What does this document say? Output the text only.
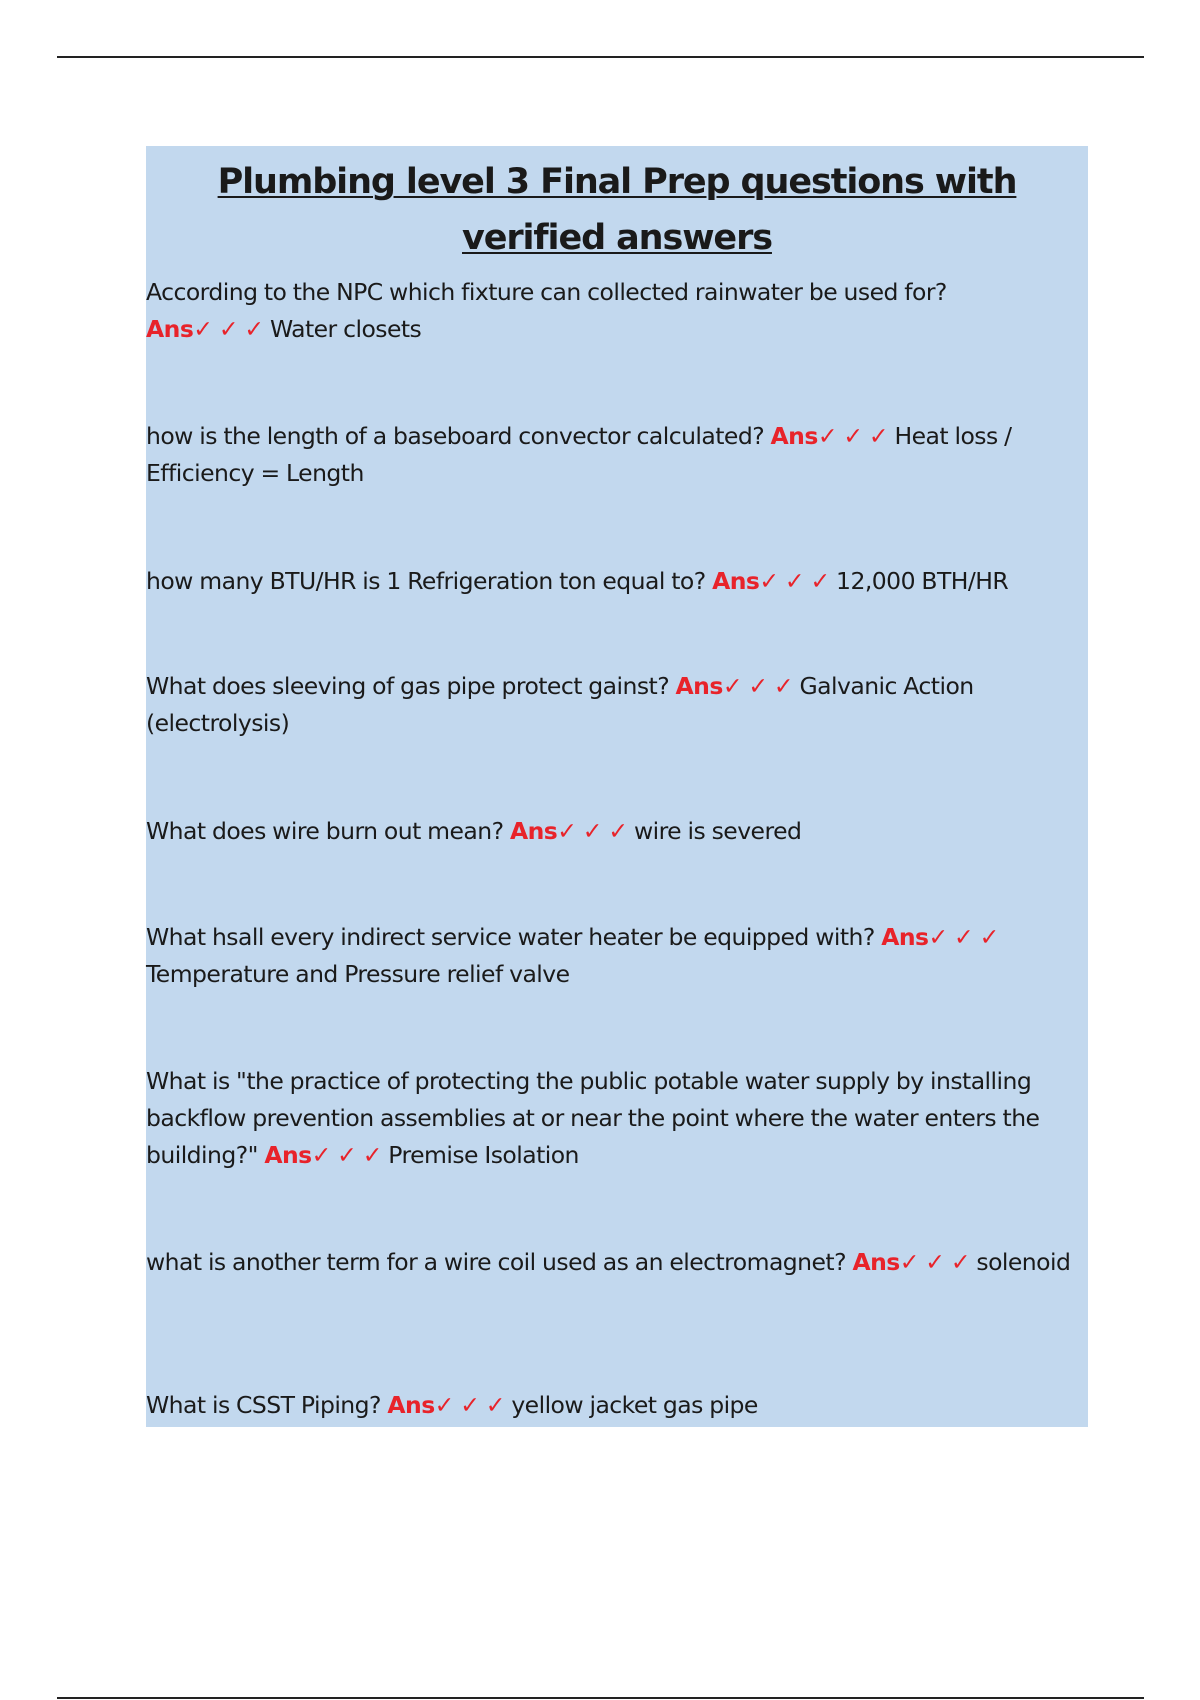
Plumbing level 3 Final Prep questions with verified answers

According to the NPC which fixture can collected rainwater be used for?
Ans✓ ✓ ✓ Water closets

how is the length of a baseboard convector calculated? Ans✓ ✓ ✓ Heat loss / Efficiency = Length

how many BTU/HR is 1 Refrigeration ton equal to? Ans✓ ✓ ✓ 12,000 BTH/HR

What does sleeving of gas pipe protect gainst? Ans✓ ✓ ✓ Galvanic Action (electrolysis)

What does wire burn out mean? Ans✓ ✓ ✓ wire is severed

What hsall every indirect service water heater be equipped with? Ans✓ ✓ ✓ Temperature and Pressure relief valve

What is "the practice of protecting the public potable water supply by installing backflow prevention assemblies at or near the point where the water enters the building?" Ans✓ ✓ ✓ Premise Isolation

what is another term for a wire coil used as an electromagnet? Ans✓ ✓ ✓ solenoid

What is CSST Piping? Ans✓ ✓ ✓ yellow jacket gas pipe
